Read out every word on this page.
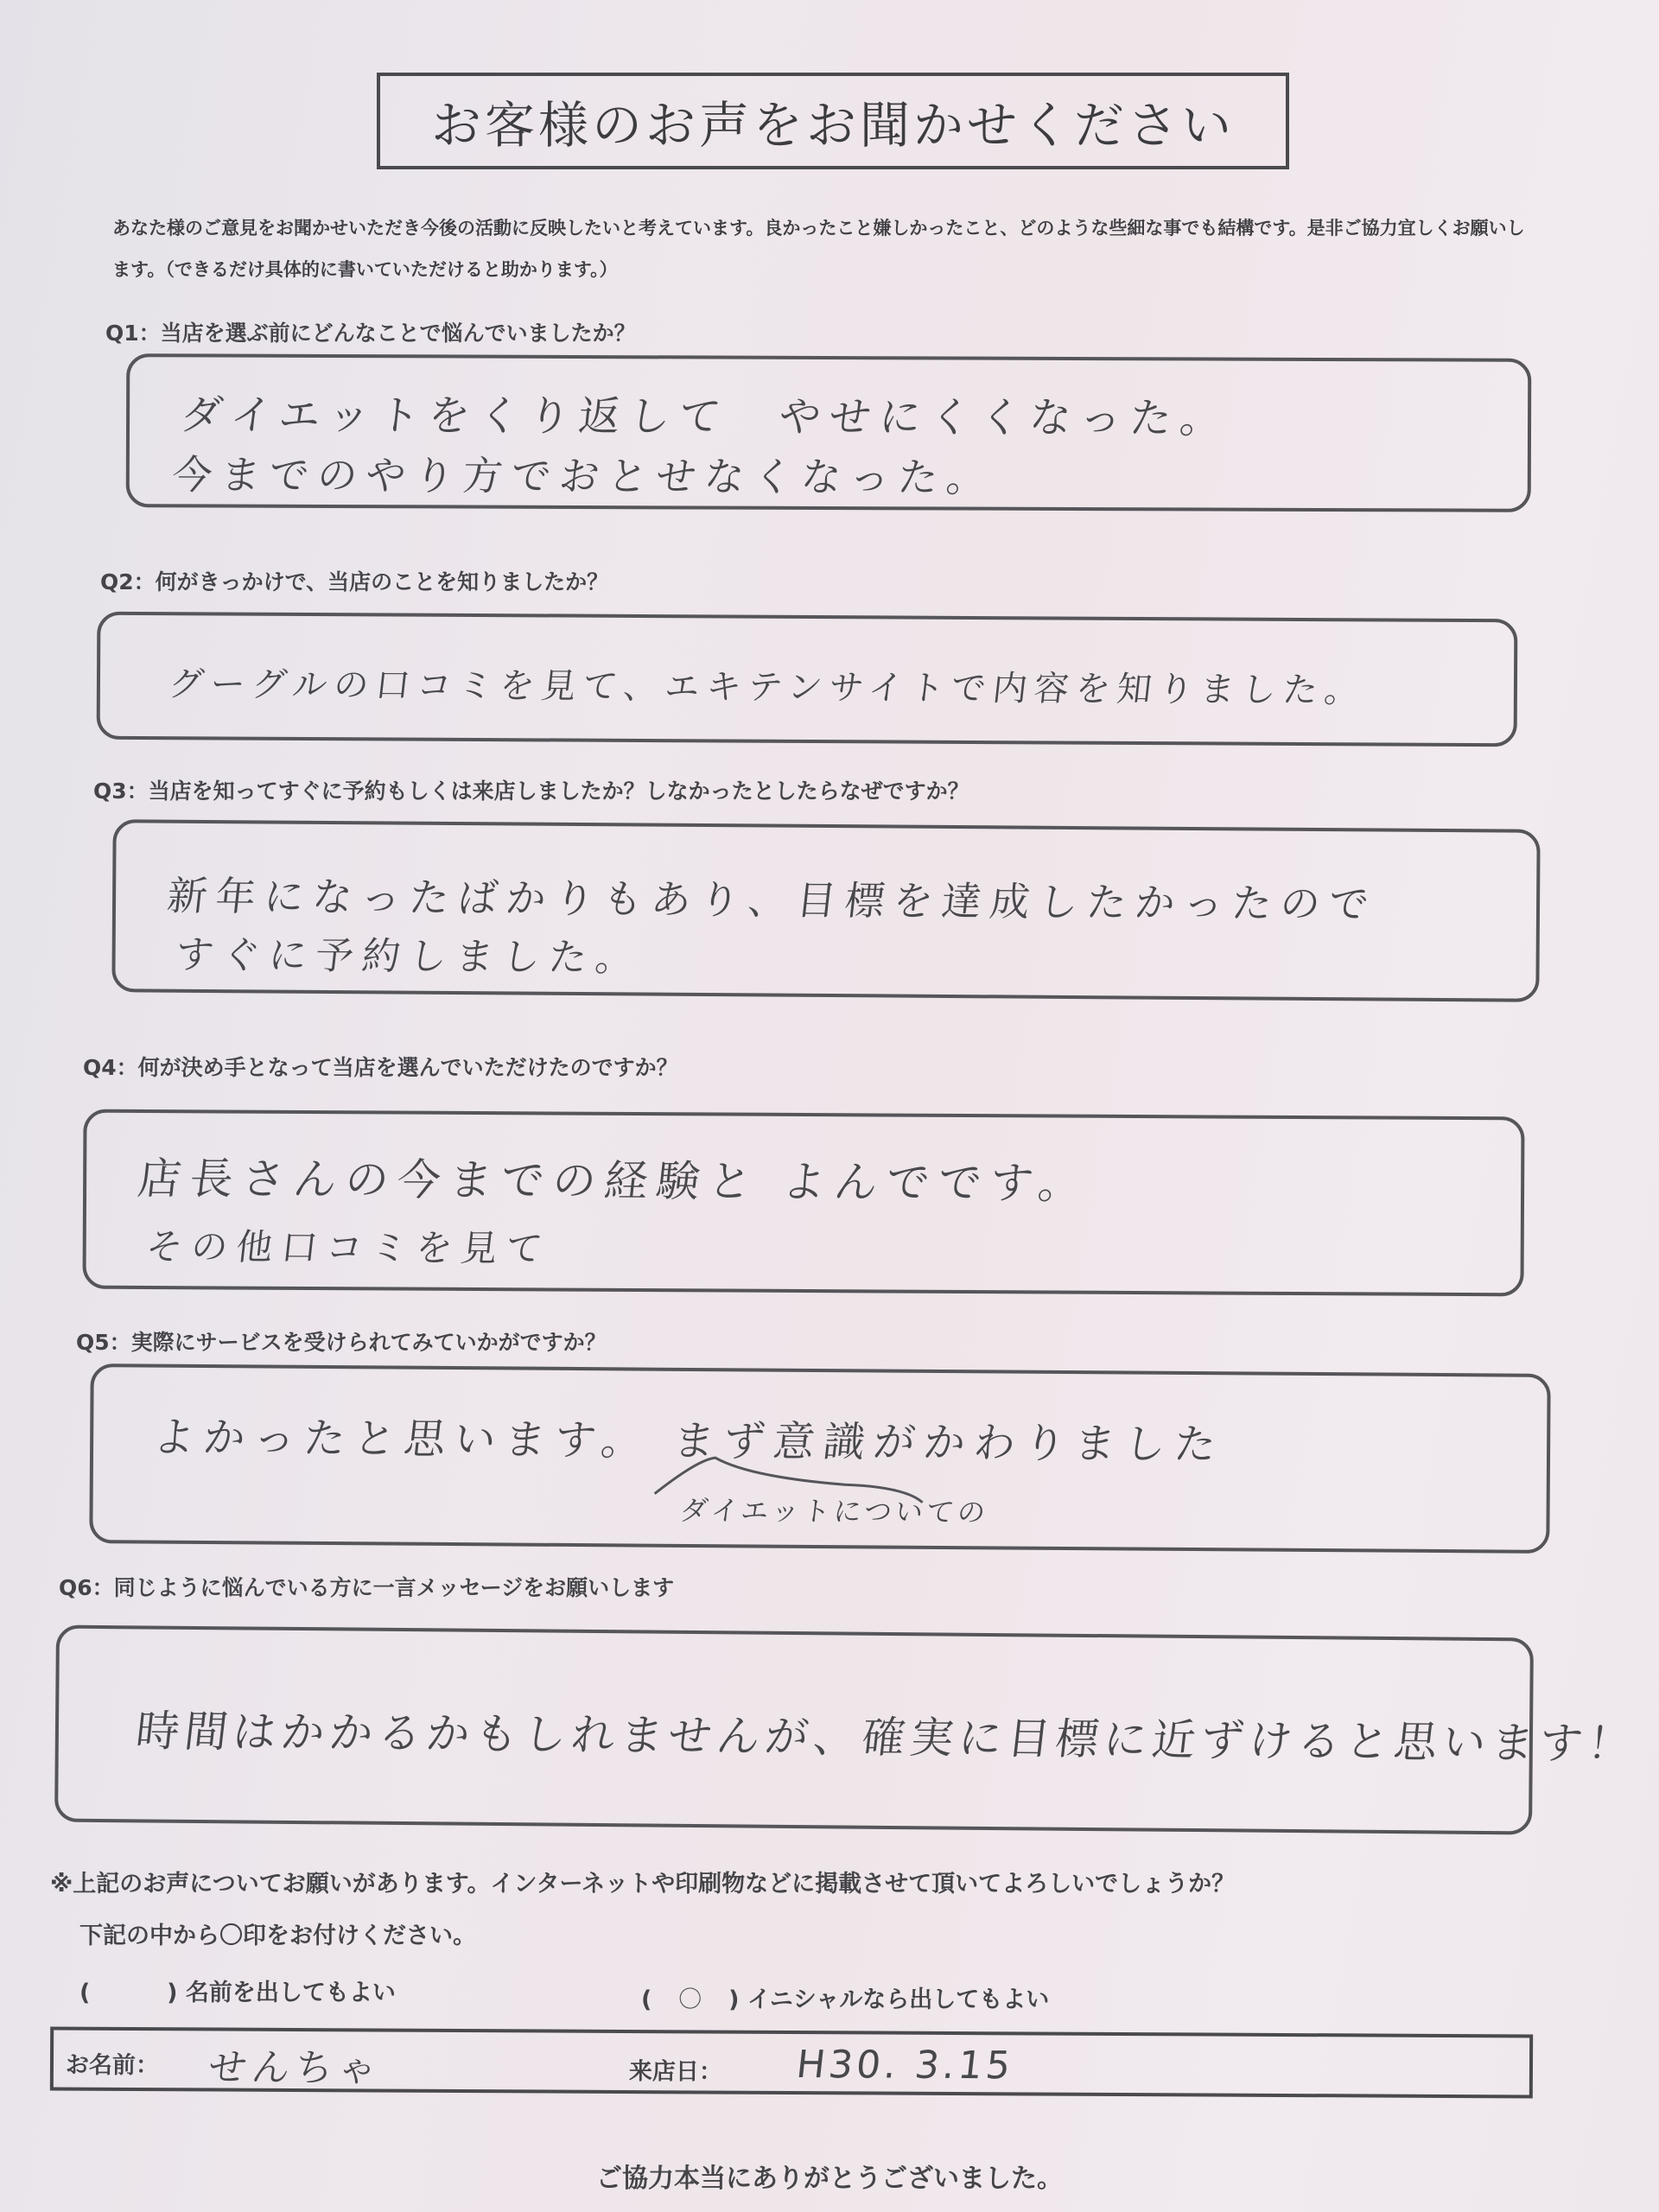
お客様のお声をお聞かせください
あなた様のご意見をお聞かせいただき今後の活動に反映したいと考えています。良かったこと嫌しかったこと、どのような些細な事でも結構です。是非ご協力宜しくお願いします。（できるだけ具体的に書いていただけると助かります。）
Q1：当店を選ぶ前にどんなことで悩んでいましたか？
ダイエットをくり返して　やせにくくなった。
今までのやり方でおとせなくなった。
Q2：何がきっかけで、当店のことを知りましたか？
グーグルの口コミを見て、エキテンサイトで内容を知りました。
Q3：当店を知ってすぐに予約もしくは来店しましたか？しなかったとしたらなぜですか？
新年になったばかりもあり、目標を達成したかったので
すぐに予約しました。
Q4：何が決め手となって当店を選んでいただけたのですか？
店長さんの今までの経験と よんでです。
その他口コミを見て
Q5：実際にサービスを受けられてみていかがですか？
よかったと思います。 まず意識がかわりました
ダイエットについての
Q6：同じように悩んでいる方に一言メッセージをお願いします
時間はかかるかもしれませんが、確実に目標に近ずけると思います！
※上記のお声についてお願いがあります。インターネットや印刷物などに掲載させて頂いてよろしいでしょうか？
下記の中から〇印をお付けください。
(	) 名前を出してもよい	( 〇 ) イニシャルなら出してもよい
お名前： せんちゃ	来店日： H30. 3.15
ご協力本当にありがとうございました。
